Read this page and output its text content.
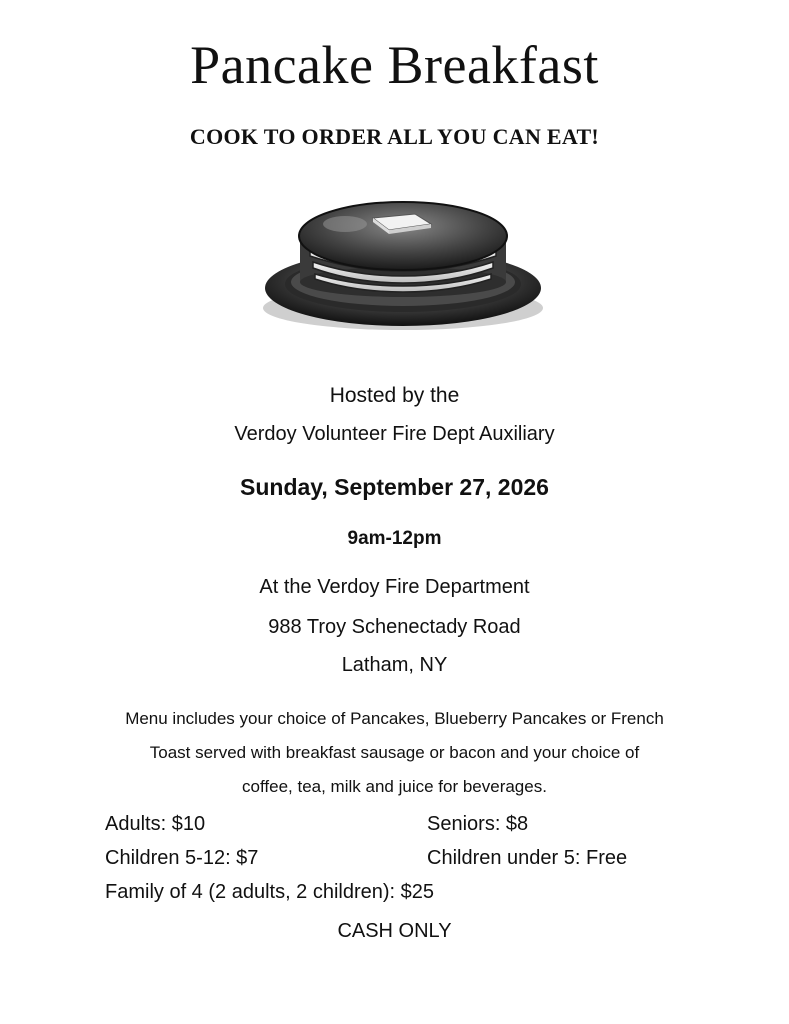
Pancake Breakfast
COOK TO ORDER ALL YOU CAN EAT!
Hosted by the
Verdoy Volunteer Fire Dept Auxiliary
Sunday, September 27, 2026
9am-12pm
At the Verdoy Fire Department
988 Troy Schenectady Road
Latham, NY
Menu includes your choice of Pancakes, Blueberry Pancakes or French
Toast served with breakfast sausage or bacon and your choice of
coffee, tea, milk and juice for beverages.
Adults: $10	Seniors: $8
Children 5-12: $7	Children under 5: Free
Family of 4 (2 adults, 2 children): $25
CASH ONLY
